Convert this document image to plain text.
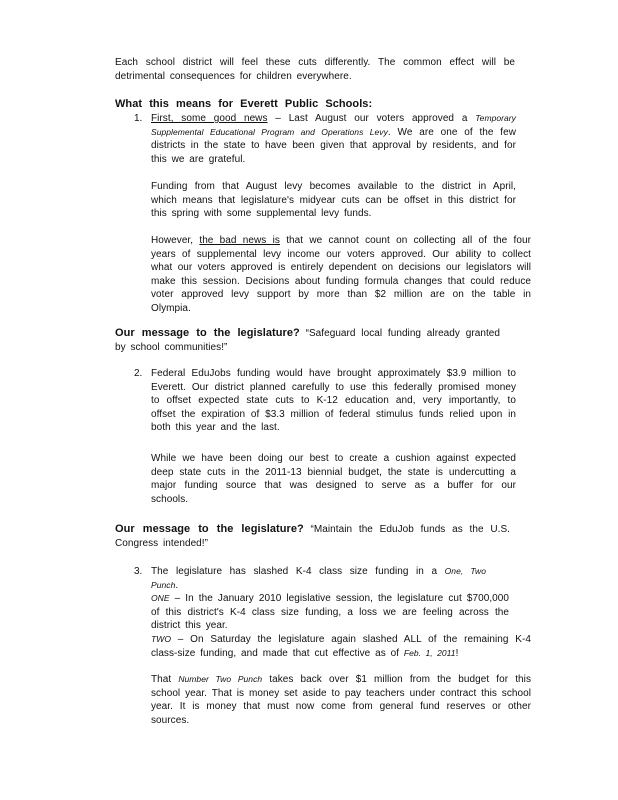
Each school district will feel these cuts differently. The common effect will be detrimental consequences for children everywhere.
What this means for Everett Public Schools:
1. First, some good news – Last August our voters approved a Temporary Supplemental Educational Program and Operations Levy. We are one of the few districts in the state to have been given that approval by residents, and for this we are grateful.
Funding from that August levy becomes available to the district in April, which means that legislature's midyear cuts can be offset in this district for this spring with some supplemental levy funds.
However, the bad news is that we cannot count on collecting all of the four years of supplemental levy income our voters approved. Our ability to collect what our voters approved is entirely dependent on decisions our legislators will make this session. Decisions about funding formula changes that could reduce voter approved levy support by more than $2 million are on the table in Olympia.
Our message to the legislature? “Safeguard local funding already granted by school communities!”
2. Federal EduJobs funding would have brought approximately $3.9 million to Everett. Our district planned carefully to use this federally promised money to offset expected state cuts to K-12 education and, very importantly, to offset the expiration of $3.3 million of federal stimulus funds relied upon in both this year and the last.
While we have been doing our best to create a cushion against expected deep state cuts in the 2011-13 biennial budget, the state is undercutting a major funding source that was designed to serve as a buffer for our schools.
Our message to the legislature? “Maintain the EduJob funds as the U.S. Congress intended!”
3. The legislature has slashed K-4 class size funding in a One, Two Punch.
ONE – In the January 2010 legislative session, the legislature cut $700,000 of this district's K-4 class size funding, a loss we are feeling across the district this year.
TWO – On Saturday the legislature again slashed ALL of the remaining K-4 class-size funding, and made that cut effective as of Feb. 1, 2011!
That Number Two Punch takes back over $1 million from the budget for this school year. That is money set aside to pay teachers under contract this school year. It is money that must now come from general fund reserves or other sources.
